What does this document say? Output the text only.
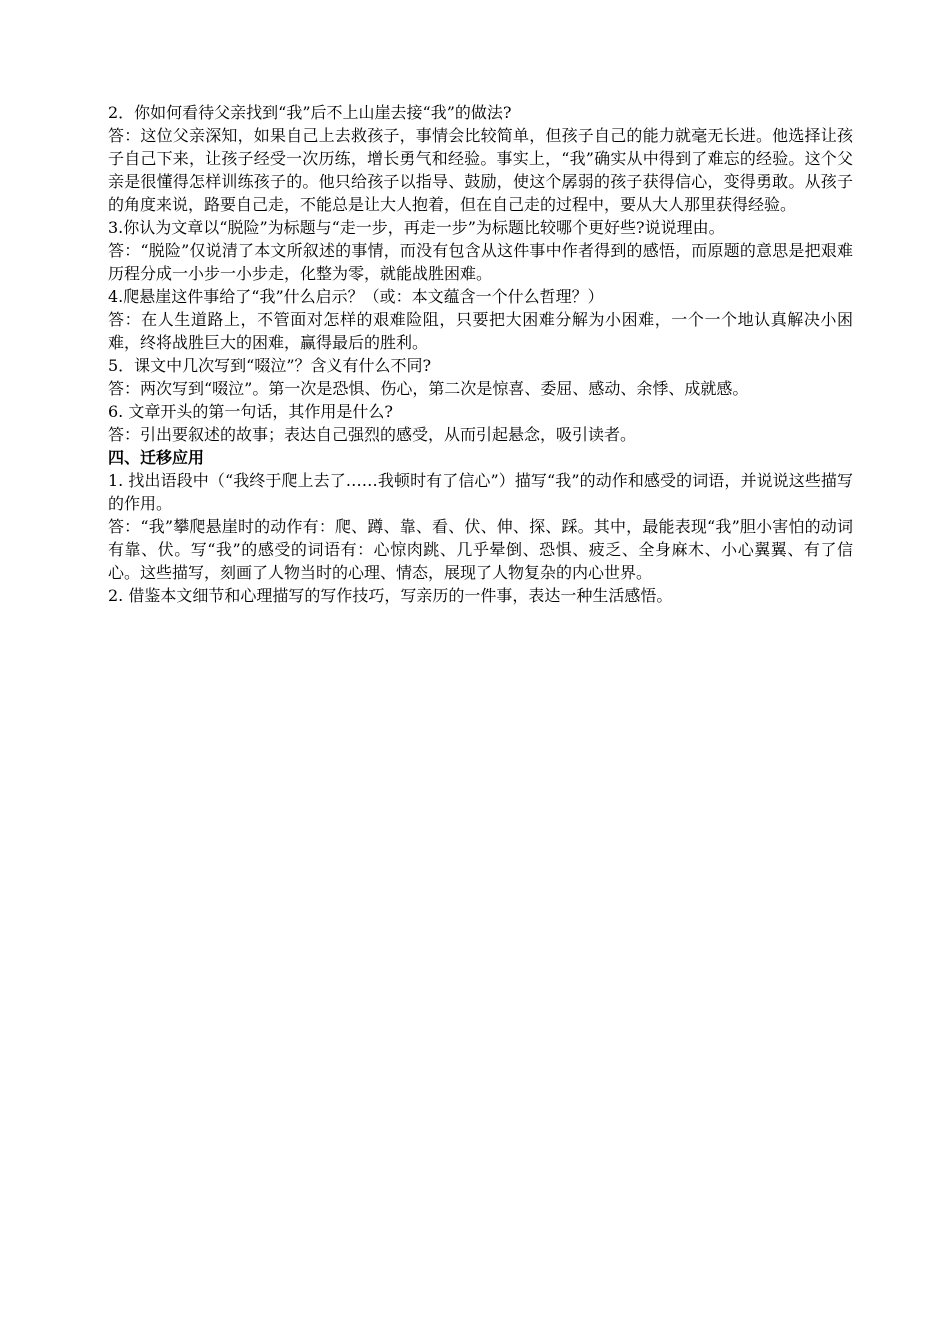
2．你如何看待父亲找到“我”后不上山崖去接“我”的做法?

答：这位父亲深知，如果自己上去救孩子，事情会比较简单，但孩子自己的能力就毫无长进。他选择让孩子自己下来，让孩子经受一次历练，增长勇气和经验。事实上，“我”确实从中得到了难忘的经验。这个父亲是很懂得怎样训练孩子的。他只给孩子以指导、鼓励，使这个孱弱的孩子获得信心，变得勇敢。从孩子的角度来说，路要自己走，不能总是让大人抱着，但在自己走的过程中，要从大人那里获得经验。

3.你认为文章以“脱险”为标题与“走一步，再走一步”为标题比较哪个更好些?说说理由。

答：“脱险”仅说清了本文所叙述的事情，而没有包含从这件事中作者得到的感悟，而原题的意思是把艰难历程分成一小步一小步走，化整为零，就能战胜困难。

4.爬悬崖这件事给了“我”什么启示？（或：本文蕴含一个什么哲理？）

答：在人生道路上，不管面对怎样的艰难险阻，只要把大困难分解为小困难，一个一个地认真解决小困难，终将战胜巨大的困难，赢得最后的胜利。

5．课文中几次写到“啜泣”？含义有什么不同?

答：两次写到“啜泣”。第一次是恐惧、伤心，第二次是惊喜、委屈、感动、余悸、成就感。

6. 文章开头的第一句话，其作用是什么?

答：引出要叙述的故事；表达自己强烈的感受，从而引起悬念，吸引读者。

四、迁移应用

1. 找出语段中（“我终于爬上去了……我顿时有了信心”）描写“我”的动作和感受的词语，并说说这些描写的作用。

答：“我”攀爬悬崖时的动作有：爬、蹲、靠、看、伏、伸、探、踩。其中，最能表现“我”胆小害怕的动词有靠、伏。写“我”的感受的词语有：心惊肉跳、几乎晕倒、恐惧、疲乏、全身麻木、小心翼翼、有了信心。这些描写，刻画了人物当时的心理、情态，展现了人物复杂的内心世界。

2. 借鉴本文细节和心理描写的写作技巧，写亲历的一件事，表达一种生活感悟。
